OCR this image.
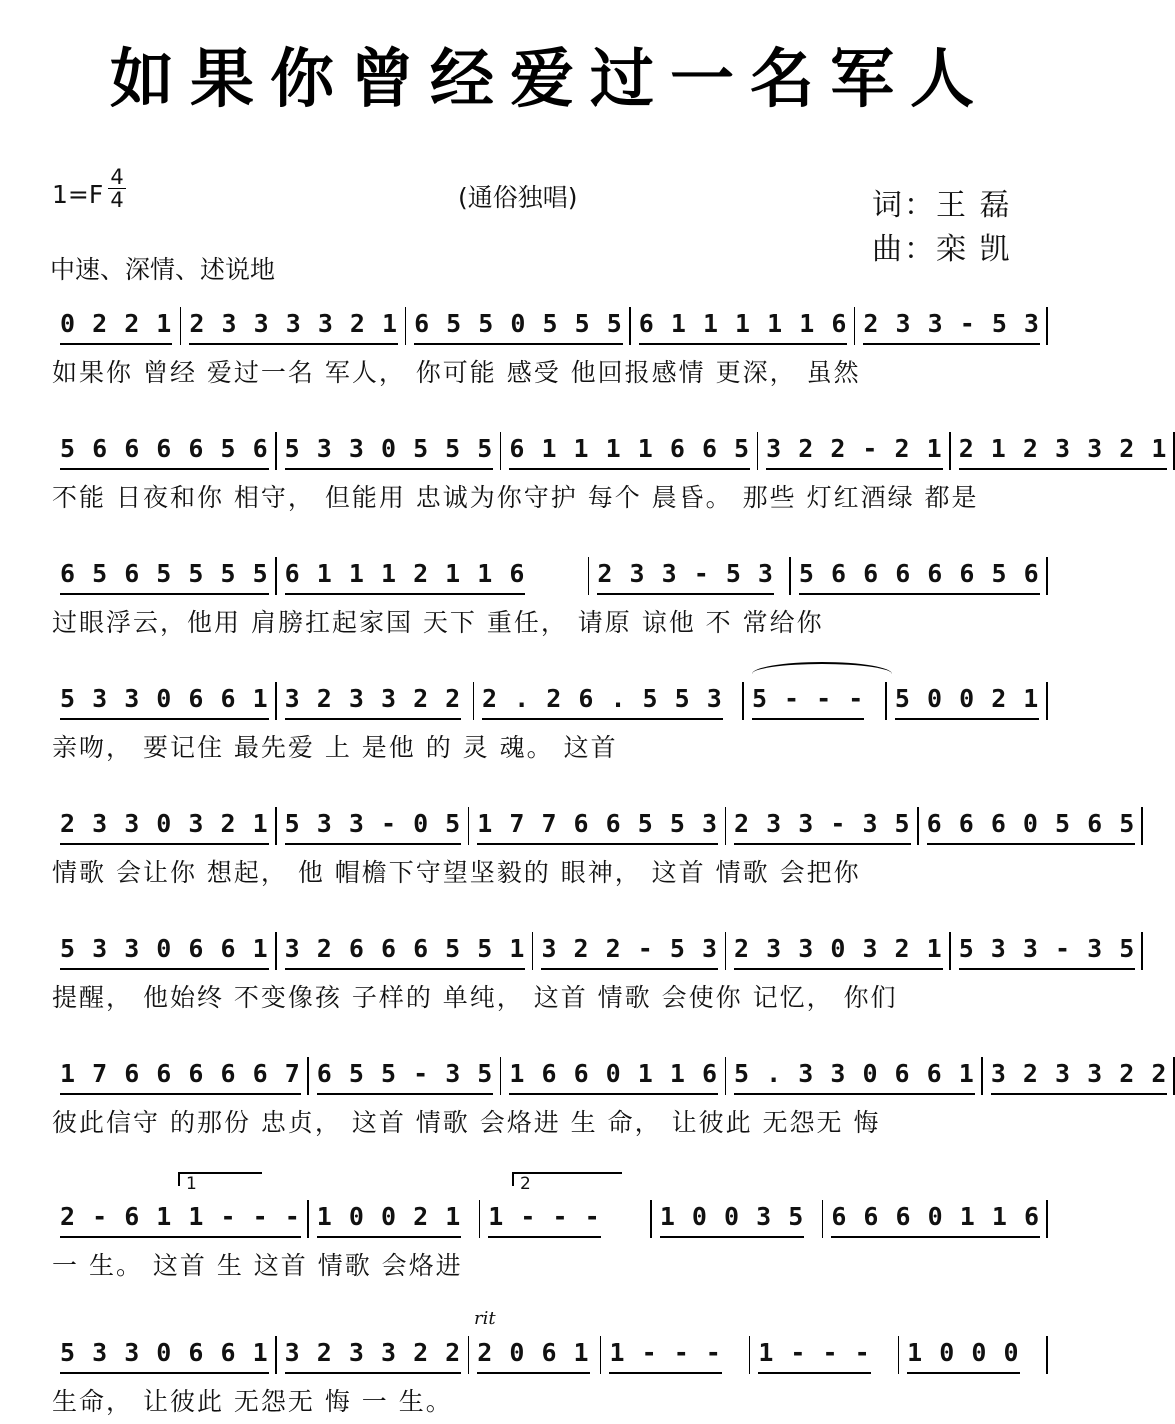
如果你曾经爱过一名军人
$1=F \frac{4}{4}$	(通俗独唱)
中速、深情、述说地
词：王 磊
曲：栾 凯
0 2 2 1 2 3 3 3 3 2 1 6 5 5 0 5 5 5 6 1 1 1 1 1 6 2 3 3 - 5 3
如果你 曾经 爱过一名 军人， 你可能 感受 他回报感情 更深， 虽然
5 6 6 6 6 5 6 5 3 3 0 5 5 5 6 1 1 1 1 6 6 5 3 2 2 - 2 1 2 1 2 3 3 2 1
不能 日夜和你 相守， 但能用 忠诚为你守护 每个 晨昏。 那些 灯红酒绿 都是
6 5 6 5 5 5 5 6 1 1 1 2 1 1 6	2 3 3 - 5 3 5 6 6 6 6 6 5 6
过眼浮云，他用 肩膀扛起家国 天下 重任， 请原 谅他 不 常给你
5 3 3 0 6 6 1 3 2 3 3 2 2 2 . 2 6 . 5 5 3 5 - - - 5 0 0 2 1
亲吻， 要记住 最先爱 上 是他 的 灵 魂。 这首
2 3 3 0 3 2 1 5 3 3 - 0 5 1 7 7 6 6 5 5 3 2 3 3 - 3 5 6 6 6 0 5 6 5
情歌 会让你 想起， 他 帽檐下守望坚毅的 眼神， 这首 情歌 会把你
5 3 3 0 6 6 1 3 2 6 6 6 5 5 1 3 2 2 - 5 3 2 3 3 0 3 2 1 5 3 3 - 3 5
提醒， 他始终 不变像孩 子样的 单纯， 这首 情歌 会使你 记忆， 你们
1 7 6 6 6 6 6 7 6 5 5 - 3 5 1 6 6 0 1 1 6 5 . 3 3 0 6 6 1 3 2 3 3 2 2
彼此信守 的那份 忠贞， 这首 情歌 会烙进 生 命， 让彼此 无怨无 悔
1	2
2 - 6 1 1 - - - 1 0 0 2 1 1 - - - 1 0 0 3 5 6 6 6 0 1 1 6
一 生。 这首 生 这首 情歌 会烙进
rit
5 3 3 0 6 6 1 3 2 3 3 2 2 2 0 6 1 1 - - - 1 - - - 1 0 0 0
生命， 让彼此 无怨无 悔 一 生。
